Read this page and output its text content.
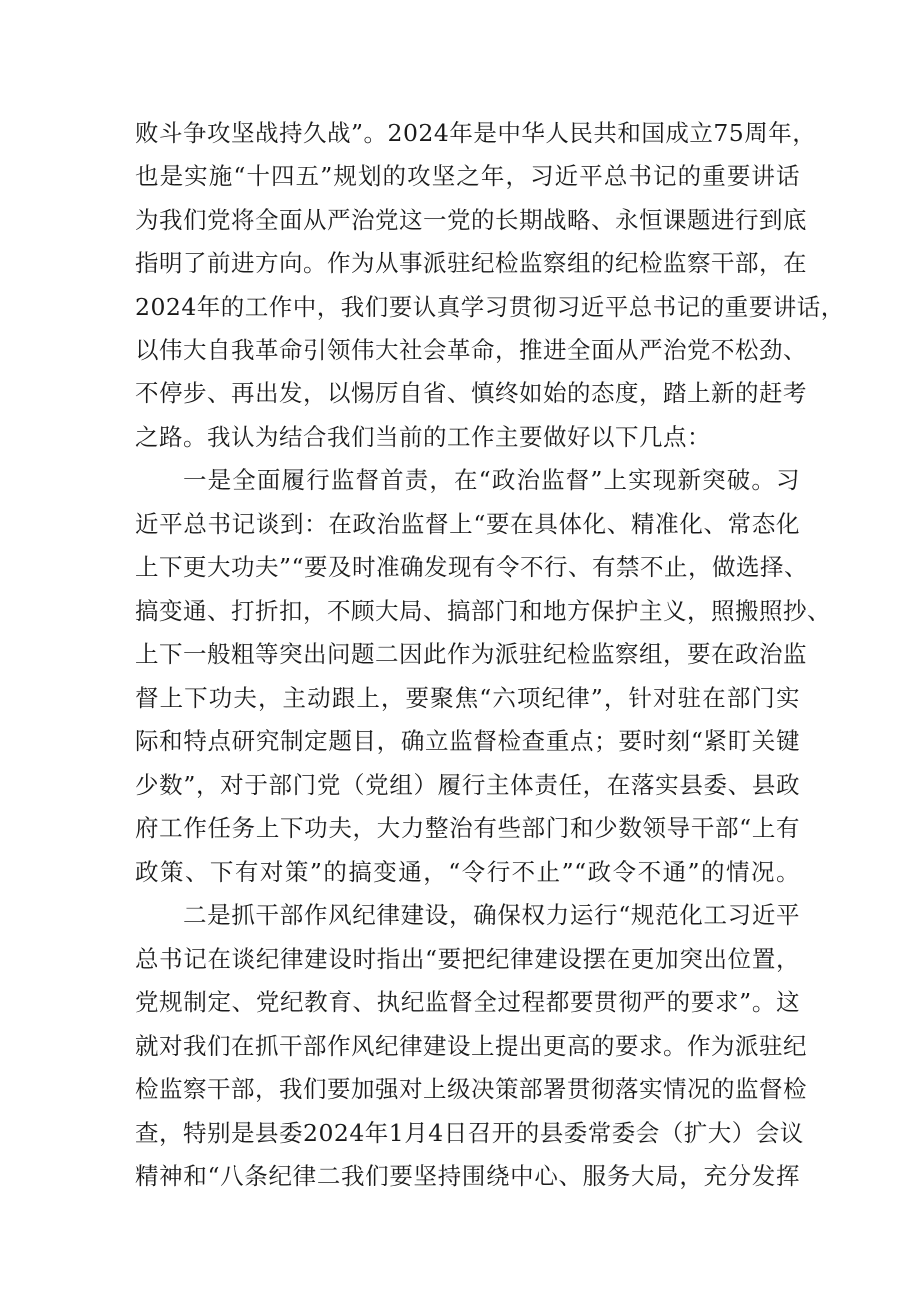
败斗争攻坚战持久战”。2024年是中华人民共和国成立75周年，
也是实施“十四五”规划的攻坚之年，习近平总书记的重要讲话
为我们党将全面从严治党这一党的长期战略、永恒课题进行到底
指明了前进方向。作为从事派驻纪检监察组的纪检监察干部，在
2024年的工作中，我们要认真学习贯彻习近平总书记的重要讲话，
以伟大自我革命引领伟大社会革命，推进全面从严治党不松劲、
不停步、再出发，以惕厉自省、慎终如始的态度，踏上新的赶考
之路。我认为结合我们当前的工作主要做好以下几点：
一是全面履行监督首责，在“政治监督”上实现新突破。习
近平总书记谈到：在政治监督上“要在具体化、精准化、常态化
上下更大功夫”“要及时准确发现有令不行、有禁不止，做选择、
搞变通、打折扣，不顾大局、搞部门和地方保护主义，照搬照抄、
上下一般粗等突出问题二因此作为派驻纪检监察组，要在政治监
督上下功夫，主动跟上，要聚焦“六项纪律”，针对驻在部门实
际和特点研究制定题目，确立监督检查重点；要时刻“紧盯关键
少数”，对于部门党（党组）履行主体责任，在落实县委、县政
府工作任务上下功夫，大力整治有些部门和少数领导干部“上有
政策、下有对策”的搞变通，“令行不止”“政令不通”的情况。
二是抓干部作风纪律建设，确保权力运行“规范化工习近平
总书记在谈纪律建设时指出“要把纪律建设摆在更加突出位置，
党规制定、党纪教育、执纪监督全过程都要贯彻严的要求”。这
就对我们在抓干部作风纪律建设上提出更高的要求。作为派驻纪
检监察干部，我们要加强对上级决策部署贯彻落实情况的监督检
查，特别是县委2024年1月4日召开的县委常委会（扩大）会议
精神和“八条纪律二我们要坚持围绕中心、服务大局，充分发挥
